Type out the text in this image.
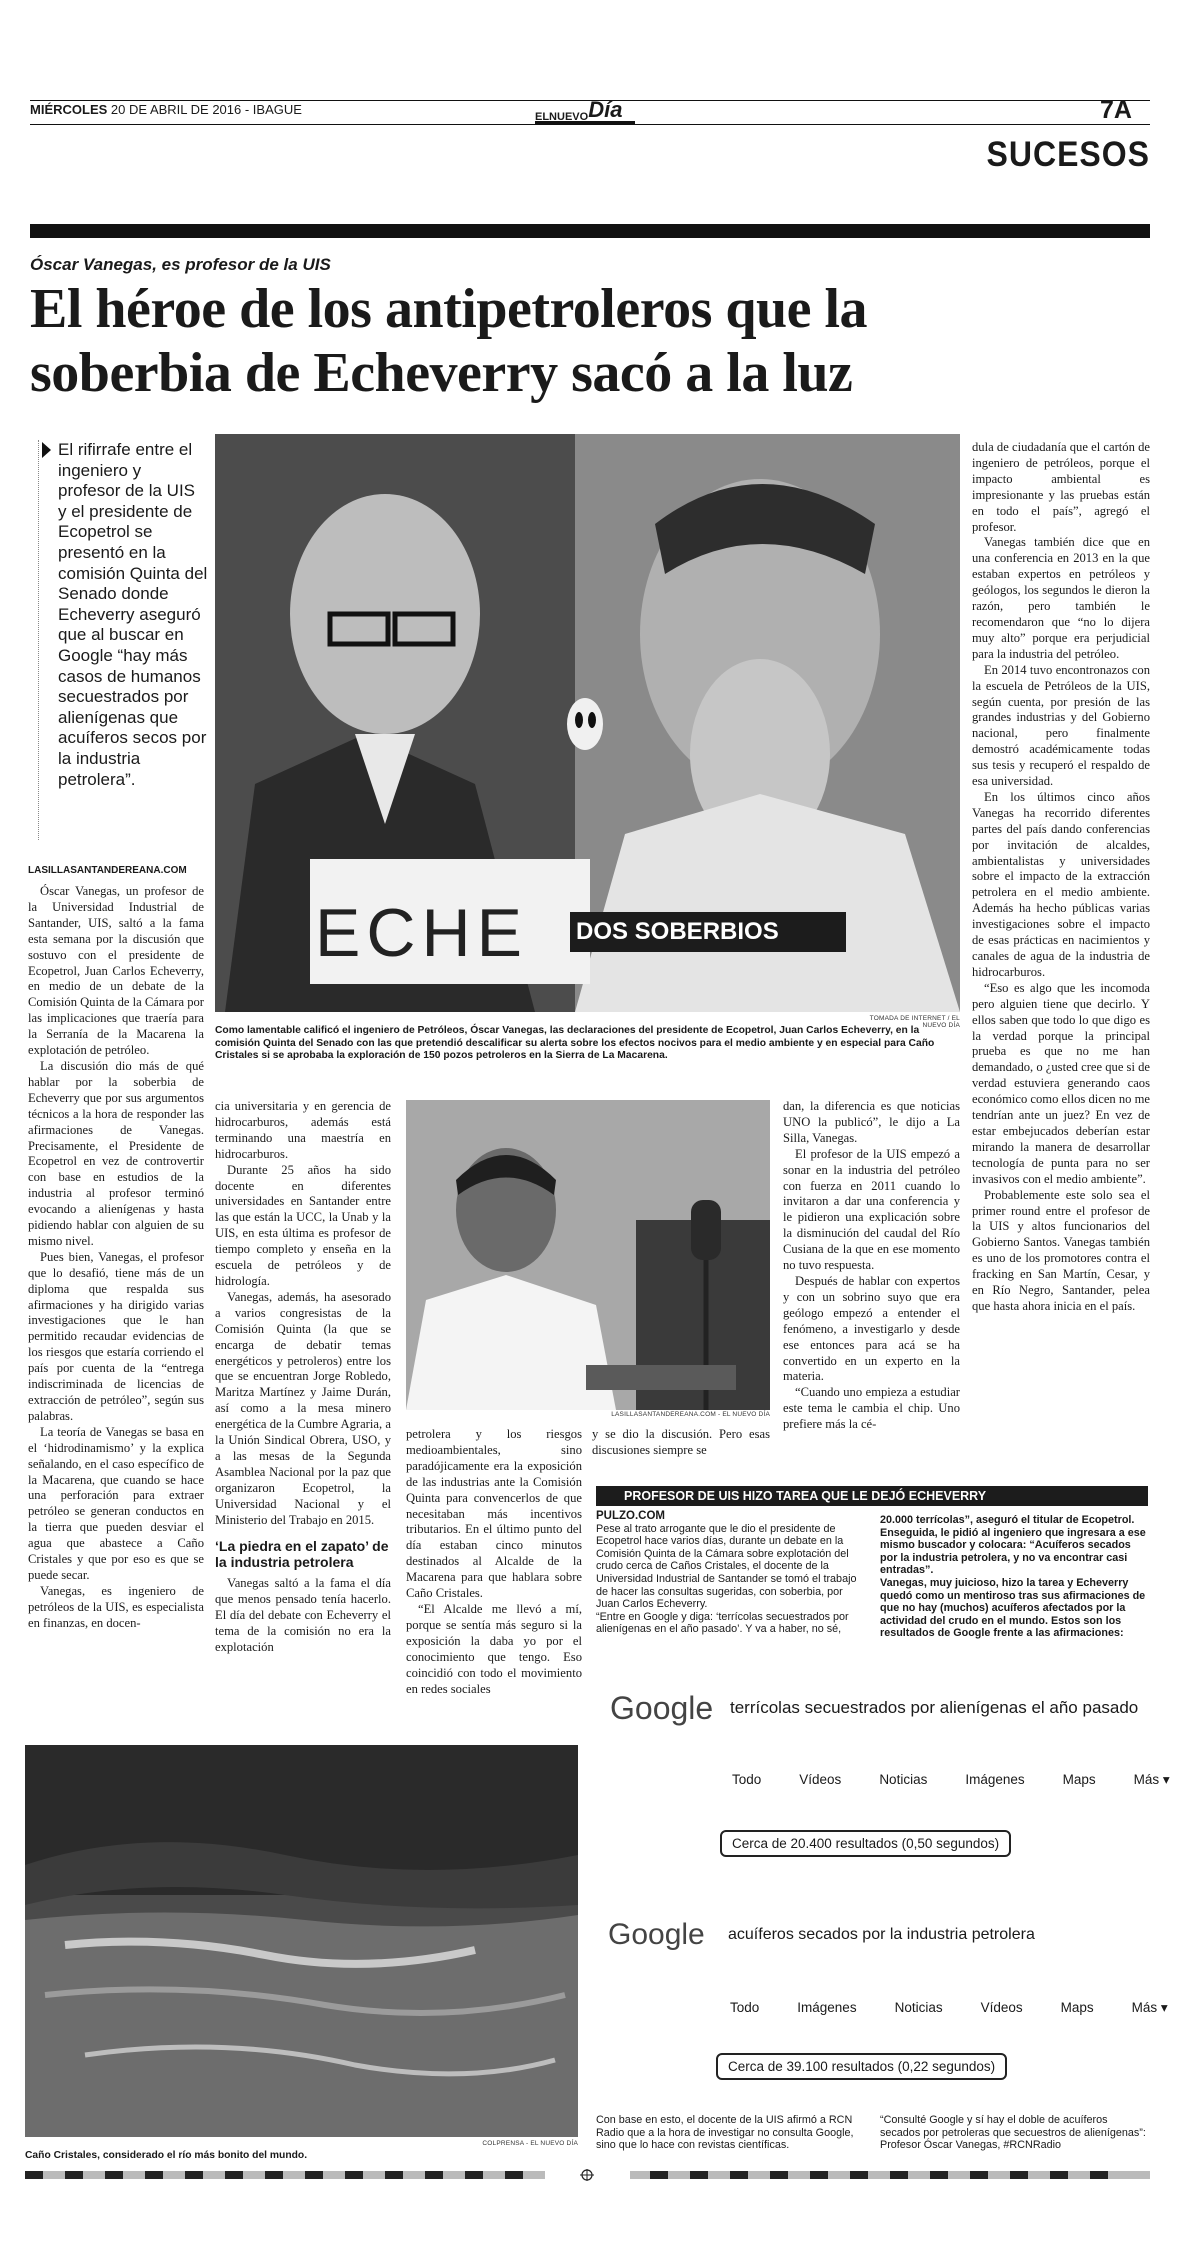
MIÉRCOLES 20 DE ABRIL DE 2016 - IBAGUE	ELNUEVODía	7A
SUCESOS
Óscar Vanegas, es profesor de la UIS
El héroe de los antipetroleros que la
soberbia de Echeverry sacó a la luz
El rifirrafe entre el ingeniero y profesor de la UIS y el presidente de Ecopetrol se presentó en la comisión Quinta del Senado donde Echeverry aseguró que al buscar en Google “hay más casos de humanos secuestrados por alienígenas que acuíferos secos por la industria petrolera”.
LASILLASANTANDEREANA.COM
ECHE DOS SOBERBIOS
TOMADA DE INTERNET / EL NUEVO DÍA
Como lamentable calificó el ingeniero de Petróleos, Óscar Vanegas, las declaraciones del presidente de Ecopetrol, Juan Carlos Echeverry, en la comisión Quinta del Senado con las que pretendió descalificar su alerta sobre los efectos nocivos para el medio ambiente y en especial para Caño Cristales si se aprobaba la exploración de 150 pozos petroleros en la Sierra de La Macarena.

Óscar Vanegas, un profesor de la Universidad Industrial de Santander, UIS, saltó a la fama esta semana por la discusión que sostuvo con el presidente de Ecopetrol, Juan Carlos Echeverry, en medio de un debate de la Comisión Quinta de la Cámara por las implicaciones que traería para la Serranía de la Macarena la explotación de petróleo.

La discusión dio más de qué hablar por la soberbia de Echeverry que por sus argumentos técnicos a la hora de responder las afirmaciones de Vanegas. Precisamente, el Presidente de Ecopetrol en vez de controvertir con base en estudios de la industria al profesor terminó evocando a alienígenas y hasta pidiendo hablar con alguien de su mismo nivel.

Pues bien, Vanegas, el profesor que lo desafió, tiene más de un diploma que respalda sus afirmaciones y ha dirigido varias investigaciones que le han permitido recaudar evidencias de los riesgos que estaría corriendo el país por cuenta de la “entrega indiscriminada de licencias de extracción de petróleo”, según sus palabras.

La teoría de Vanegas se basa en el ‘hidrodinamismo’ y la explica señalando, en el caso específico de la Macarena, que cuando se hace una perforación para extraer petróleo se generan conductos en la tierra que pueden desviar el agua que abastece a Caño Cristales y que por eso es que se puede secar.

Vanegas, es ingeniero de petróleos de la UIS, es especialista en finanzas, en docen-

cia universitaria y en gerencia de hidrocarburos, además está terminando una maestría en hidrocarburos.

Durante 25 años ha sido docente en diferentes universidades en Santander entre las que están la UCC, la Unab y la UIS, en esta última es profesor de tiempo completo y enseña en la escuela de petróleos y de hidrología.

Vanegas, además, ha asesorado a varios congresistas de la Comisión Quinta (la que se encarga de debatir temas energéticos y petroleros) entre los que se encuentran Jorge Robledo, Maritza Martínez y Jaime Durán, así como a la mesa minero energética de la Cumbre Agraria, a la Unión Sindical Obrera, USO, y a las mesas de la Segunda Asamblea Nacional por la paz que organizaron Ecopetrol, la Universidad Nacional y el Ministerio del Trabajo en 2015.

‘La piedra en el zapato’ de la industria petrolera

Vanegas saltó a la fama el día que menos pensado tenía hacerlo. El día del debate con Echeverry el tema de la comisión no era la explotación

LASILLASANTANDEREANA.COM - EL NUEVO DÍA

y se dio la discusión. Pero esas discusiones siempre se

petrolera y los riesgos medioambientales, sino paradójicamente era la exposición de las industrias ante la Comisión Quinta para convencerlos de que necesitaban más incentivos tributarios. En el último punto del día estaban cinco minutos destinados al Alcalde de la Macarena para que hablara sobre Caño Cristales.

“El Alcalde me llevó a mí, porque se sentía más seguro si la exposición la daba yo por el conocimiento que tengo. Eso coincidió con todo el movimiento en redes sociales

dan, la diferencia es que noticias UNO la publicó”, le dijo a La Silla, Vanegas.

El profesor de la UIS empezó a sonar en la industria del petróleo con fuerza en 2011 cuando lo invitaron a dar una conferencia y le pidieron una explicación sobre la disminución del caudal del Río Cusiana de la que en ese momento no tuvo respuesta.

Después de hablar con expertos y con un sobrino suyo que era geólogo empezó a entender el fenómeno, a investigarlo y desde ese entonces para acá se ha convertido en un experto en la materia.

“Cuando uno empieza a estudiar este tema le cambia el chip. Uno prefiere más la cé-

dula de ciudadanía que el cartón de ingeniero de petróleos, porque el impacto ambiental es impresionante y las pruebas están en todo el país”, agregó el profesor.

Vanegas también dice que en una conferencia en 2013 en la que estaban expertos en petróleos y geólogos, los segundos le dieron la razón, pero también le recomendaron que “no lo dijera muy alto” porque era perjudicial para la industria del petróleo.

En 2014 tuvo encontronazos con la escuela de Petróleos de la UIS, según cuenta, por presión de las grandes industrias y del Gobierno nacional, pero finalmente demostró académicamente todas sus tesis y recuperó el respaldo de esa universidad.

En los últimos cinco años Vanegas ha recorrido diferentes partes del país dando conferencias por invitación de alcaldes, ambientalistas y universidades sobre el impacto de la extracción petrolera en el medio ambiente. Además ha hecho públicas varias investigaciones sobre el impacto de esas prácticas en nacimientos y canales de agua de la industria de hidrocarburos.

“Eso es algo que les incomoda pero alguien tiene que decirlo. Y ellos saben que todo lo que digo es la verdad porque la principal prueba es que no me han demandado, o ¿usted cree que si de verdad estuviera generando caos económico como ellos dicen no me tendrían ante un juez? En vez de estar embejucados deberían estar mirando la manera de desarrollar tecnología de punta para no ser invasivos con el medio ambiente”.

Probablemente este solo sea el primer round entre el profesor de la UIS y altos funcionarios del Gobierno Santos. Vanegas también es uno de los promotores contra el fracking en San Martín, Cesar, y en Río Negro, Santander, pelea que hasta ahora inicia en el país.

COLPRENSA - EL NUEVO DÍA
Caño Cristales, considerado el río más bonito del mundo.
PROFESOR DE UIS HIZO TAREA QUE LE DEJÓ ECHEVERRY
PULZO.COM
Pese al trato arrogante que le dio el presidente de Ecopetrol hace varios días, durante un debate en la Comisión Quinta de la Cámara sobre explotación del crudo cerca de Caños Cristales, el docente de la Universidad Industrial de Santander se tomó el trabajo de hacer las consultas sugeridas, con soberbia, por Juan Carlos Echeverry.
“Entre en Google y diga: ‘terrícolas secuestrados por alienígenas en el año pasado’. Y va a haber, no sé,
20.000 terrícolas”, aseguró el titular de Ecopetrol. Enseguida, le pidió al ingeniero que ingresara a ese mismo buscador y colocara: “Acuíferos secados por la industria petrolera, y no va encontrar casi entradas”.
Vanegas, muy juicioso, hizo la tarea y Echeverry quedó como un mentiroso tras sus afirmaciones de que no hay (muchos) acuíferos afectados por la actividad del crudo en el mundo. Estos son los resultados de Google frente a las afirmaciones:
Google terrícolas secuestrados por alienígenas el año pasado
Todo	Vídeos	Noticias	Imágenes	Maps	Más ▾
Cerca de 20.400 resultados (0,50 segundos)
Google acuíferos secados por la industria petrolera
Todo	Imágenes	Noticias	Vídeos	Maps	Más ▾
Cerca de 39.100 resultados (0,22 segundos)
Con base en esto, el docente de la UIS afirmó a RCN Radio que a la hora de investigar no consulta Google, sino que lo hace con revistas científicas.
“Consulté Google y sí hay el doble de acuíferos secados por petroleras que secuestros de alienígenas”: Profesor Óscar Vanegas, #RCNRadio
